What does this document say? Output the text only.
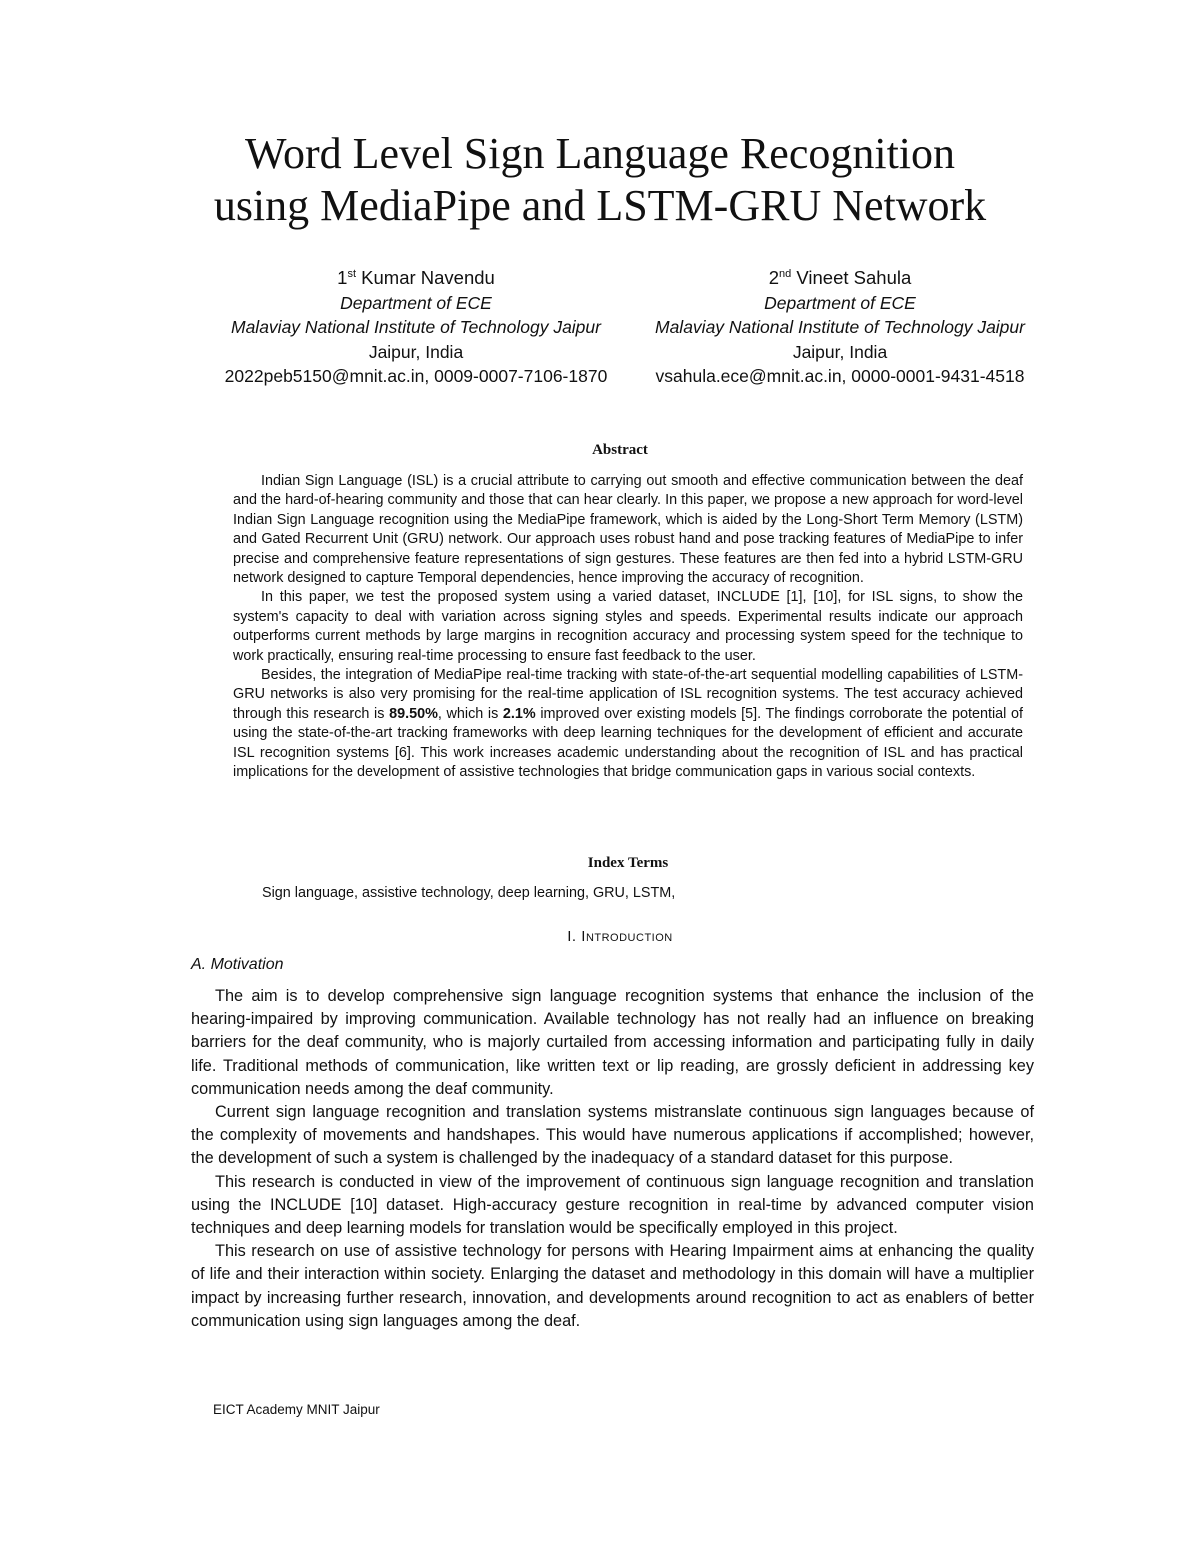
Word Level Sign Language Recognition
using MediaPipe and LSTM-GRU Network
1st Kumar Navendu
Department of ECE
Malaviay National Institute of Technology Jaipur
Jaipur, India
2022peb5150@mnit.ac.in, 0009-0007-7106-1870
2nd Vineet Sahula
Department of ECE
Malaviay National Institute of Technology Jaipur
Jaipur, India
vsahula.ece@mnit.ac.in, 0000-0001-9431-4518
Abstract

Indian Sign Language (ISL) is a crucial attribute to carrying out smooth and effective communication between the deaf and the hard-of-hearing community and those that can hear clearly. In this paper, we propose a new approach for word-level Indian Sign Language recognition using the MediaPipe framework, which is aided by the Long-Short Term Memory (LSTM) and Gated Recurrent Unit (GRU) network. Our approach uses robust hand and pose tracking features of MediaPipe to infer precise and comprehensive feature representations of sign gestures. These features are then fed into a hybrid LSTM-GRU network designed to capture Temporal dependencies, hence improving the accuracy of recognition.

In this paper, we test the proposed system using a varied dataset, INCLUDE [1], [10], for ISL signs, to show the system's capacity to deal with variation across signing styles and speeds. Experimental results indicate our approach outperforms current methods by large margins in recognition accuracy and processing system speed for the technique to work practically, ensuring real-time processing to ensure fast feedback to the user.

Besides, the integration of MediaPipe real-time tracking with state-of-the-art sequential modelling capabilities of LSTM-GRU networks is also very promising for the real-time application of ISL recognition systems. The test accuracy achieved through this research is 89.50%, which is 2.1% improved over existing models [5]. The findings corroborate the potential of using the state-of-the-art tracking frameworks with deep learning techniques for the development of efficient and accurate ISL recognition systems [6]. This work increases academic understanding about the recognition of ISL and has practical implications for the development of assistive technologies that bridge communication gaps in various social contexts.

Index Terms
Sign language, assistive technology, deep learning, GRU, LSTM,
I. Introduction
A. Motivation

The aim is to develop comprehensive sign language recognition systems that enhance the inclusion of the hearing-impaired by improving communication. Available technology has not really had an influence on breaking barriers for the deaf community, who is majorly curtailed from accessing information and participating fully in daily life. Traditional methods of communication, like written text or lip reading, are grossly deficient in addressing key communication needs among the deaf community.

Current sign language recognition and translation systems mistranslate continuous sign languages because of the complexity of movements and handshapes. This would have numerous applications if accomplished; however, the development of such a system is challenged by the inadequacy of a standard dataset for this purpose.

This research is conducted in view of the improvement of continuous sign language recognition and translation using the INCLUDE [10] dataset. High-accuracy gesture recognition in real-time by advanced computer vision techniques and deep learning models for translation would be specifically employed in this project.

This research on use of assistive technology for persons with Hearing Impairment aims at enhancing the quality of life and their interaction within society. Enlarging the dataset and methodology in this domain will have a multiplier impact by increasing further research, innovation, and developments around recognition to act as enablers of better communication using sign languages among the deaf.

EICT Academy MNIT Jaipur
